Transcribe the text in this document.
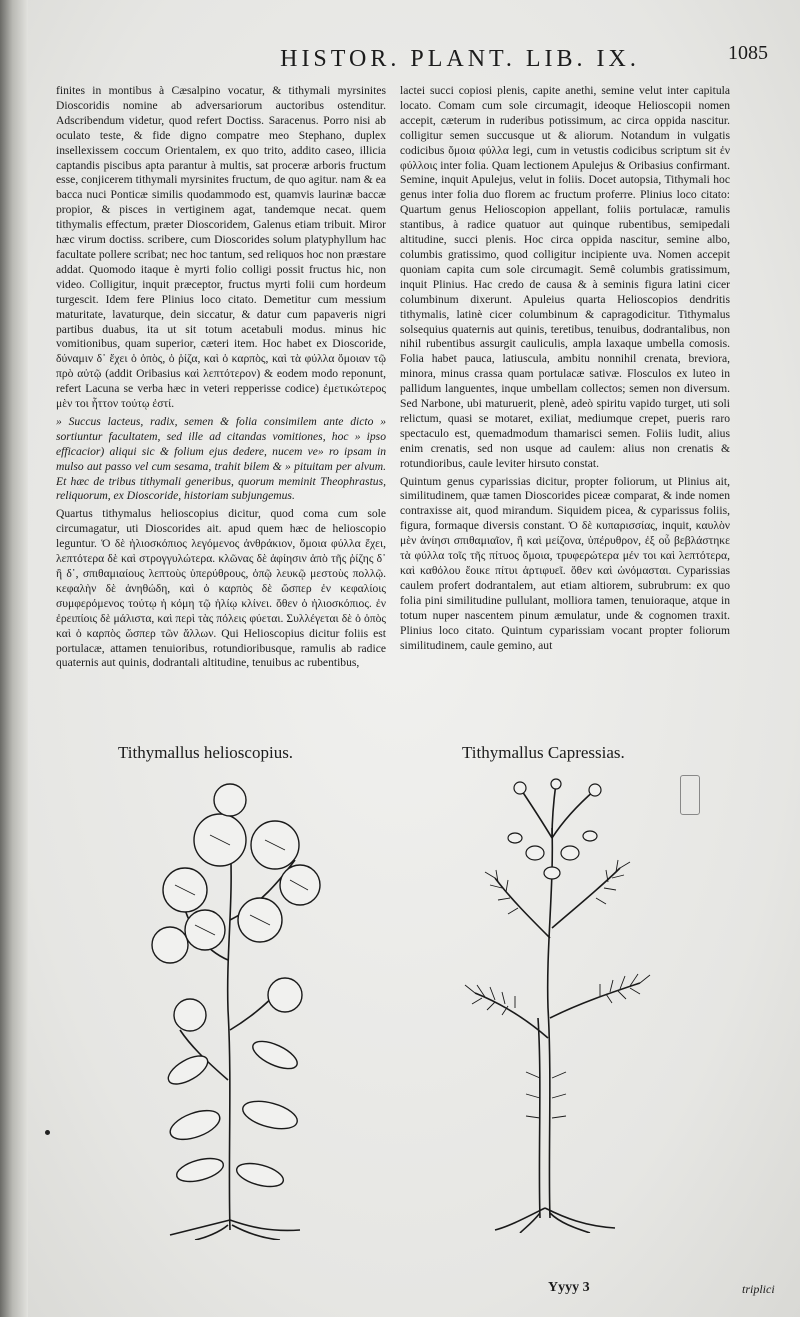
HISTOR. PLANT. LIB. IX.	1085

finites in montibus à Cæsalpino vocatur, & tithymali myrsinites Dioscoridis nomine ab adversariorum auctoribus ostenditur. Adscribendum videtur, quod refert Doctiss. Saracenus. Porro nisi ab oculato teste, & fide digno compatre meo Stephano, duplex insellexissem coccum Orientalem, ex quo trito, addito caseo, illicia captandis piscibus apta parantur à multis, sat proceræ arboris fructum esse, conjicerem tithymali myrsinites fructum, de quo agitur. nam & ea bacca nuci Ponticæ similis quodammodo est, quamvis laurinæ baccæ propior, & pisces in vertiginem agat, tandemque necat. quem tithymalis effectum, præter Dioscoridem, Galenus etiam tribuit. Miror hæc virum doctiss. scribere, cum Dioscorides solum platyphyllum hac facultate pollere scribat; nec hoc tantum, sed reliquos hoc non præstare addat. Quomodo itaque è myrti folio colligi possit fructus hic, non video. Colligitur, inquit præceptor, fructus myrti folii cum hordeum turgescit. Idem fere Plinius loco citato. Demetitur cum messium maturitate, lavaturque, dein siccatur, & datur cum papaveris nigri partibus duabus, ita ut sit totum acetabuli modus. minus hic vomitionibus, quam superior, cæteri item. Hoc habet ex Dioscoride, δύναμιν δ᾽ ἔχει ὁ ὀπὸς, ὁ ῥίζα, καὶ ὁ καρπὸς, καὶ τὰ φύλλα ὅμοιαν τῷ πρὸ αὐτῷ (addit Oribasius καὶ λεπτότερον) & eodem modo reponunt, refert Lacuna se verba hæc in veteri repperisse codice) ἐμετικώτερος μὲν τοι ἧττον τούτῳ ἐστί.

» Succus lacteus, radix, semen & folia consimilem ante dicto » sortiuntur facultatem, sed ille ad citandas vomitiones, hoc » ipso efficacior) aliqui sic & folium ejus dedere, nucem ve» ro ipsam in mulso aut passo vel cum sesama, trahit bilem & » pituitam per alvum. Et hæc de tribus tithymali generibus, quorum meminit Theophrastus, reliquorum, ex Dioscoride, historiam subjungemus.

Quartus tithymalus helioscopius dicitur, quod coma cum sole circumagatur, uti Dioscorides ait. apud quem hæc de helioscopio leguntur. Ὁ δὲ ἡλιοσκόπιος λεγόμενος ἀνθράκιον, ὅμοια φύλλα ἔχει, λεπτότερα δὲ καὶ στρογγυλώτερα. κλῶνας δὲ ἀφίησιν ἀπὸ τῆς ῥίζης δ᾽ ἢ δ᾽, σπιθαμιαίους λεπτοὺς ὑπερύθρους, ὀπῷ λευκῷ μεστοὺς πολλῷ. κεφαλὴν δὲ ἀνηθώδη, καὶ ὁ καρπὸς δὲ ὥσπερ ἐν κεφαλίοις συμφερόμενος τούτῳ ἡ κόμη τῷ ἡλίῳ κλίνει. ὅθεν ὁ ἡλιοσκόπιος. ἐν ἐρειπίοις δὲ μάλιστα, καὶ περὶ τὰς πόλεις φύεται. Συλλέγεται δὲ ὁ ὀπὸς καὶ ὁ καρπὸς ὥσπερ τῶν ἄλλων. Qui Helioscopius dicitur foliis est portulacæ, attamen tenuioribus, rotundioribusque, ramulis ab radice quaternis aut quinis, dodrantali altitudine, tenuibus ac rubentibus,

lactei succi copiosi plenis, capite anethi, semine velut inter capitula locato. Comam cum sole circumagit, ideoque Helioscopii nomen accepit, cæterum in ruderibus potissimum, ac circa oppida nascitur. colligitur semen succusque ut & aliorum. Notandum in vulgatis codicibus ὅμοια φύλλα legi, cum in vetustis codicibus scriptum sit ἐν φύλλοις inter folia. Quam lectionem Apulejus & Oribasius confirmant. Semine, inquit Apulejus, velut in foliis. Docet autopsia, Tithymali hoc genus inter folia duo florem ac fructum proferre. Plinius loco citato: Quartum genus Helioscopion appellant, foliis portulacæ, ramulis stantibus, à radice quatuor aut quinque rubentibus, semipedali altitudine, succi plenis. Hoc circa oppida nascitur, semine albo, columbis gratissimo, quod colligitur incipiente uva. Nomen accepit quoniam capita cum sole circumagit. Semê columbis gratissimum, inquit Plinius. Hac credo de causa & à seminis figura latini cicer columbinum dixerunt. Apuleius quarta Helioscopios dendritis tithymalis, latinè cicer columbinum & capragodicitur. Tithymalus solsequius quaternis aut quinis, teretibus, tenuibus, dodrantalibus, non nihil rubentibus assurgit cauliculis, ampla laxaque umbella comosis. Folia habet pauca, latiuscula, ambitu nonnihil crenata, breviora, minora, minus crassa quam portulacæ sativæ. Flosculos ex luteo in pallidum languentes, inque umbellam collectos; semen non diversum. Sed Narbone, ubi maturuerit, plenè, adeò spiritu vapido turget, uti soli relictum, quasi se motaret, exiliat, mediumque crepet, pueris raro spectaculo est, quemadmodum thamarisci semen. Foliis ludit, alius enim crenatis, sed non usque ad caulem: alius non crenatis & rotundioribus, caule leviter hirsuto constat.

Quintum genus cyparissias dicitur, propter foliorum, ut Plinius ait, similitudinem, quæ tamen Dioscorides piceæ comparat, & inde nomen contraxisse ait, quod mirandum. Siquidem picea, & cyparissus foliis, figura, formaque diversis constant. Ὁ δὲ κυπαρισσίας, inquit, καυλὸν μὲν ἀνίησι σπιθαμιαῖον, ἢ καὶ μείζονα, ὑπέρυθρον, ἐξ οὗ βεβλάστηκε τὰ φύλλα τοῖς τῆς πίτυος ὅμοια, τρυφερώτερα μέν τοι καὶ λεπτότερα, καὶ καθόλου ἔοικε πίτυι ἀρτιφυεῖ. ὅθεν καὶ ὠνόμασται. Cyparissias caulem profert dodrantalem, aut etiam altiorem, subrubrum: ex quo folia pini similitudine pullulant, molliora tamen, tenuioraque, atque in totum nuper nascentem pinum æmulatur, unde & cognomen traxit. Plinius loco citato. Quintum cyparissiam vocant propter foliorum similitudinem, caule gemino, aut

Tithymallus helioscopius.	Tithymallus Capressias.
Yyyy 3	triplici
